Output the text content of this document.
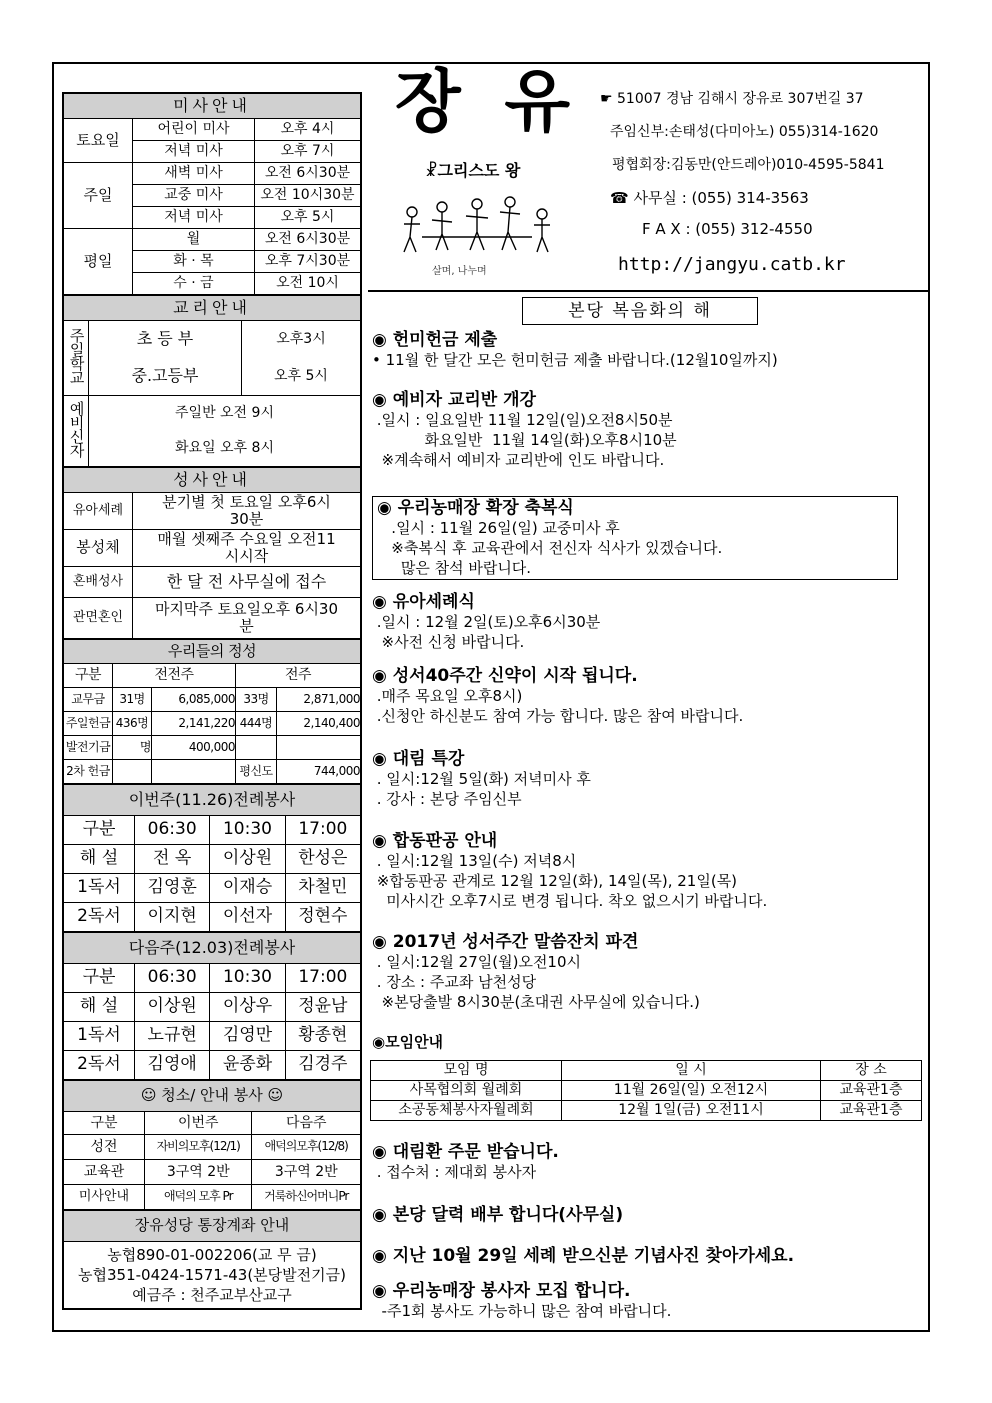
미사안내		
토요일	어린이 미사	오후 4시
	저녁 미사	오후 7시
주일	새벽 미사	오전 6시30분
	교중 미사	오전 10시30분
	저녁 미사	오후 5시
평일	월	오전 6시30분
	화 · 목	오후 7시30분
	수 · 금	오전 10시
교리안내		
주일학교	초 등 부	오후3시
	중.고등부	오후 5시
예비신자	주일반 오전 9시	
	화요일 오후 8시	
성사안내	
유아세례	분기별 첫 토요일 오후6시30분
봉성체	매월 셋째주 수요일 오전11시시작
혼배성사	한 달 전 사무실에 접수
관면혼인	마지막주 토요일오후 6시30분
우리들의 정성				
구분	전전주		전주	
교무금	31명	6,085,000	33명	2,871,000
주일헌금	436명	2,141,220	444명	2,140,400
발전기금	명	400,000		
2차 헌금			평신도	744,000
이번주(11.26)전례봉사			
구분	06:30	10:30	17:00
해 설	전 옥	이상원	한성은
1독서	김영훈	이재승	차철민
2독서	이지현	이선자	정현수
다음주(12.03)전례봉사			
구분	06:30	10:30	17:00
해 설	이상원	이상우	정윤남
1독서	노규현	김영만	황종현
2독서	김영애	윤종화	김경주
☺ 청소/ 안내 봉사 ☺		
구분	이번주	다음주
성전	자비의모후(12/1)	애덕의모후(12/8)
교육관	3구역 2반	3구역 2반
미사안내	애덕의 모후 Pr	거룩하신어머니Pr
장유성당 통장계좌 안내

농협890-01-002206(교 무 금)
농협351-0424-1571-43(본당발전기금)
예금주 : 천주교부산교구
장 유
☧그리스도 왕
살며, 나누며
☛ 51007 경남 김해시 장유로 307번길 37
주임신부:손태성(다미아노) 055)314-1620
평협회장:김동만(안드레아)010-4595-5841
☎ 사무실 : (055) 314-3563
F A X : (055) 312-4550
http://jangyu.catb.kr
본당 복음화의 해
◉ 헌미헌금 제출
• 11월 한 달간 모은 헌미헌금 제출 바랍니다.(12월10일까지)
◉ 예비자 교리반 개강
.일시 : 일요일반 11월 12일(일)오전8시50분
화요일반  11월 14일(화)오후8시10분
※계속해서 예비자 교리반에 인도 바랍니다.
◉ 우리농매장 확장 축복식
.일시 : 11월 26일(일) 교중미사 후
※축복식 후 교육관에서 전신자 식사가 있겠습니다.
많은 참석 바랍니다.
◉ 유아세례식
.일시 : 12월 2일(토)오후6시30분
※사전 신청 바랍니다.
◉ 성서40주간 신약이 시작 됩니다.
.매주 목요일 오후8시)
.신청안 하신분도 참여 가능 합니다. 많은 참여 바랍니다.
◉ 대림 특강
. 일시:12월 5일(화) 저녁미사 후
. 강사 : 본당 주임신부
◉ 합동판공 안내
. 일시:12월 13일(수) 저녁8시
※합동판공 관계로 12월 12일(화), 14일(목), 21일(목)
미사시간 오후7시로 변경 됩니다. 착오 없으시기 바랍니다.
◉ 2017년 성서주간 말씀잔치 파견
. 일시:12월 27일(월)오전10시
. 장소 : 주교좌 남천성당
※본당출발 8시30분(초대권 사무실에 있습니다.)
◉모임안내
모임 명	일 시	장 소
사목협의회 월례회	11월 26일(일) 오전12시	교육관1층
소공동체봉사자월례회	12월 1일(금) 오전11시	교육관1층
◉ 대림환 주문 받습니다.
. 접수처 : 제대회 봉사자
◉ 본당 달력 배부 합니다(사무실)
◉ 지난 10월 29일 세례 받으신분 기념사진 찾아가세요.
◉ 우리농매장 봉사자 모집 합니다.
-주1회 봉사도 가능하니 많은 참여 바랍니다.
